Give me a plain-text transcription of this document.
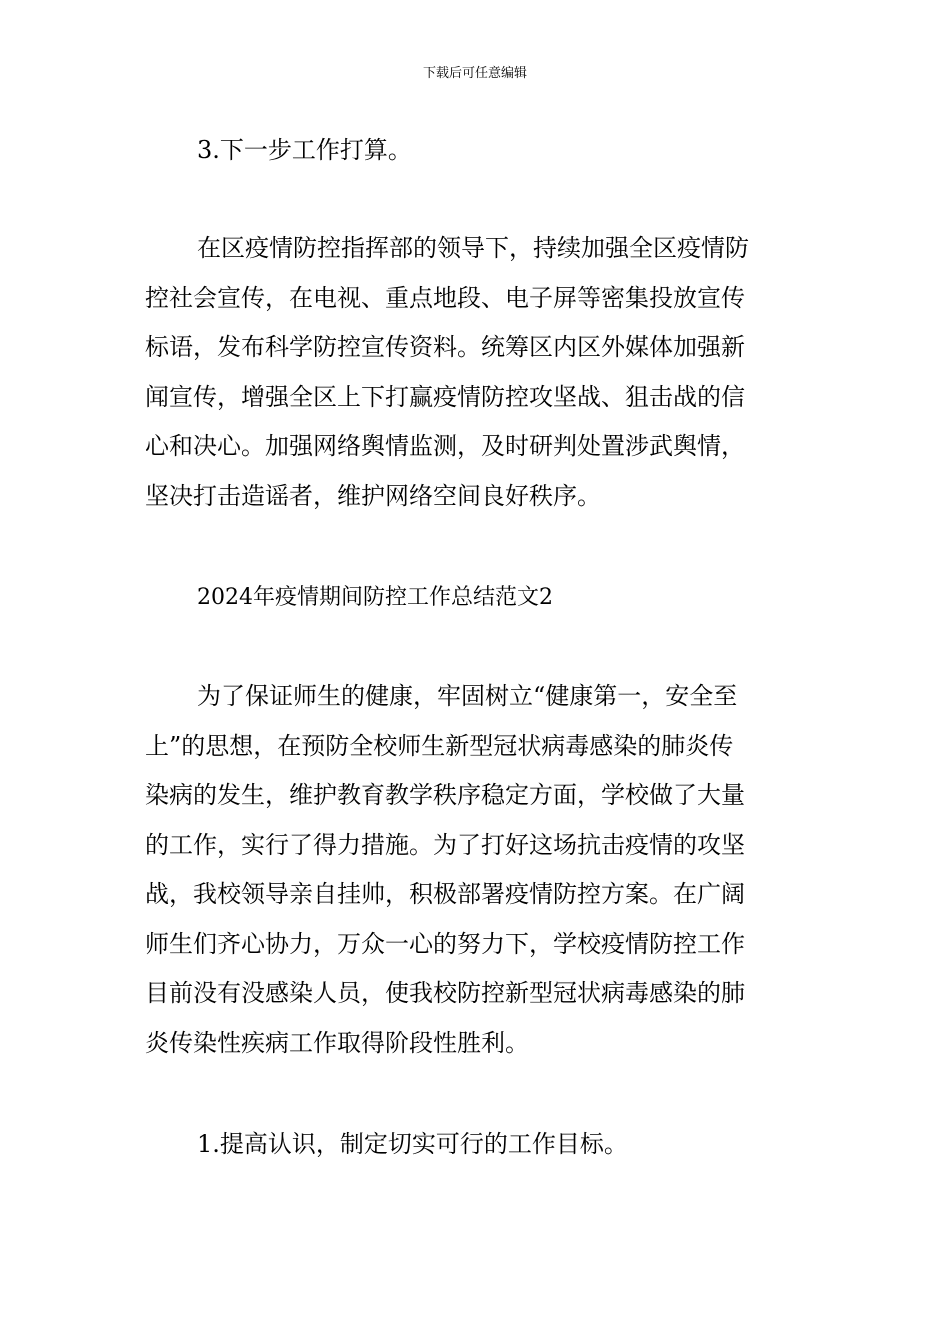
下载后可任意编辑

3.下一步工作打算。

在区疫情防控指挥部的领导下，持续加强全区疫情防
控社会宣传，在电视、重点地段、电子屏等密集投放宣传
标语，发布科学防控宣传资料。统筹区内区外媒体加强新
闻宣传，增强全区上下打赢疫情防控攻坚战、狙击战的信
心和决心。加强网络舆情监测，及时研判处置涉武舆情，
坚决打击造谣者，维护网络空间良好秩序。

2024年疫情期间防控工作总结范文2

为了保证师生的健康，牢固树立“健康第一，安全至
上”的思想，在预防全校师生新型冠状病毒感染的肺炎传
染病的发生，维护教育教学秩序稳定方面，学校做了大量
的工作，实行了得力措施。为了打好这场抗击疫情的攻坚
战，我校领导亲自挂帅，积极部署疫情防控方案。在广阔
师生们齐心协力，万众一心的努力下，学校疫情防控工作
目前没有没感染人员，使我校防控新型冠状病毒感染的肺
炎传染性疾病工作取得阶段性胜利。

1.提高认识，制定切实可行的工作目标。
